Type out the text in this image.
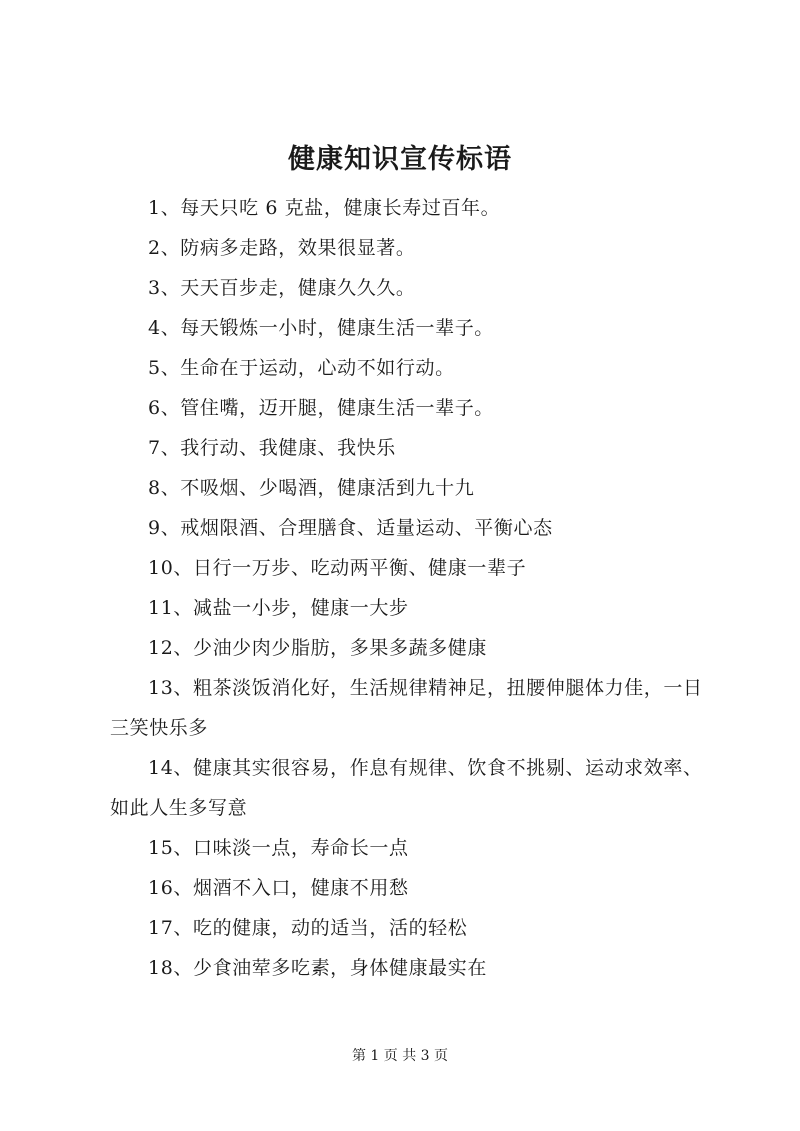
健康知识宣传标语
1、每天只吃 6 克盐，健康长寿过百年。
2、防病多走路，效果很显著。
3、天天百步走，健康久久久。
4、每天锻炼一小时，健康生活一辈子。
5、生命在于运动，心动不如行动。
6、管住嘴，迈开腿，健康生活一辈子。
7、我行动、我健康、我快乐
8、不吸烟、少喝酒，健康活到九十九
9、戒烟限酒、合理膳食、适量运动、平衡心态
10、日行一万步、吃动两平衡、健康一辈子
11、减盐一小步，健康一大步
12、少油少肉少脂肪，多果多蔬多健康
13、粗茶淡饭消化好，生活规律精神足，扭腰伸腿体力佳，一日三笑快乐多
14、健康其实很容易，作息有规律、饮食不挑剔、运动求效率、如此人生多写意
15、口味淡一点，寿命长一点
16、烟酒不入口，健康不用愁
17、吃的健康，动的适当，活的轻松
18、少食油荤多吃素，身体健康最实在
第 1 页 共 3 页
